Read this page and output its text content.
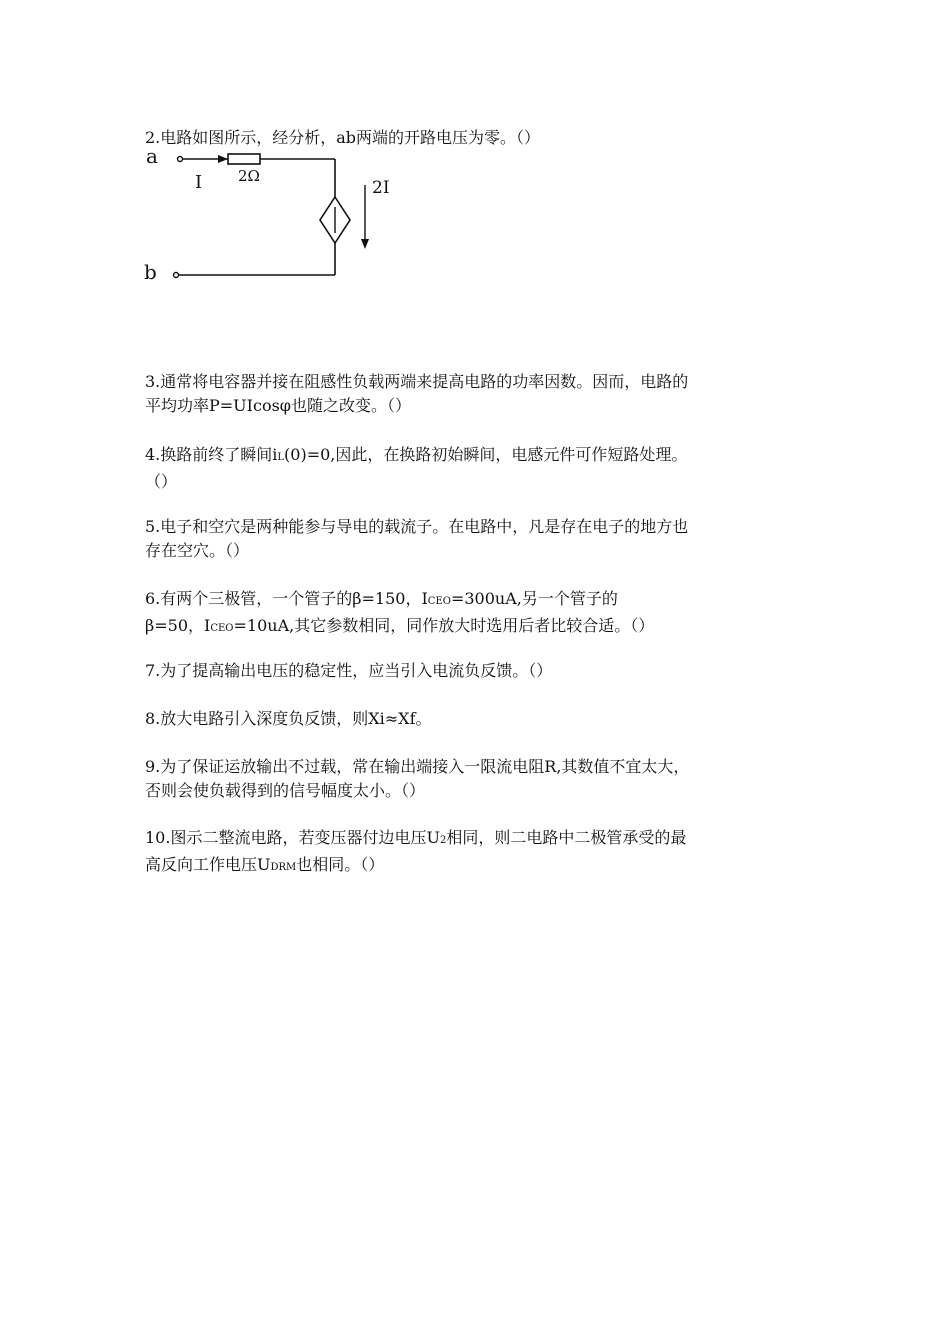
2.电路如图所示，经分析，ab两端的开路电压为零。（）

a
b
I 2Ω
2I

3.通常将电容器并接在阻感性负载两端来提高电路的功率因数。因而，电路的

平均功率P=UIcosφ也随之改变。（）

4.换路前终了瞬间iL(0)=0,因此，在换路初始瞬间，电感元件可作短路处理。

（）

5.电子和空穴是两种能参与导电的载流子。在电路中，凡是存在电子的地方也

存在空穴。（）

6.有两个三极管，一个管子的β=150，ICEO=300uA,另一个管子的

β=50，ICEO=10uA,其它参数相同，同作放大时选用后者比较合适。（）

7.为了提高输出电压的稳定性，应当引入电流负反馈。（）

8.放大电路引入深度负反馈，则Xi≈Xf。

9.为了保证运放输出不过载，常在输出端接入一限流电阻R,其数值不宜太大，

否则会使负载得到的信号幅度太小。（）

10.图示二整流电路，若变压器付边电压U2相同，则二电路中二极管承受的最

高反向工作电压UDRM也相同。（）
